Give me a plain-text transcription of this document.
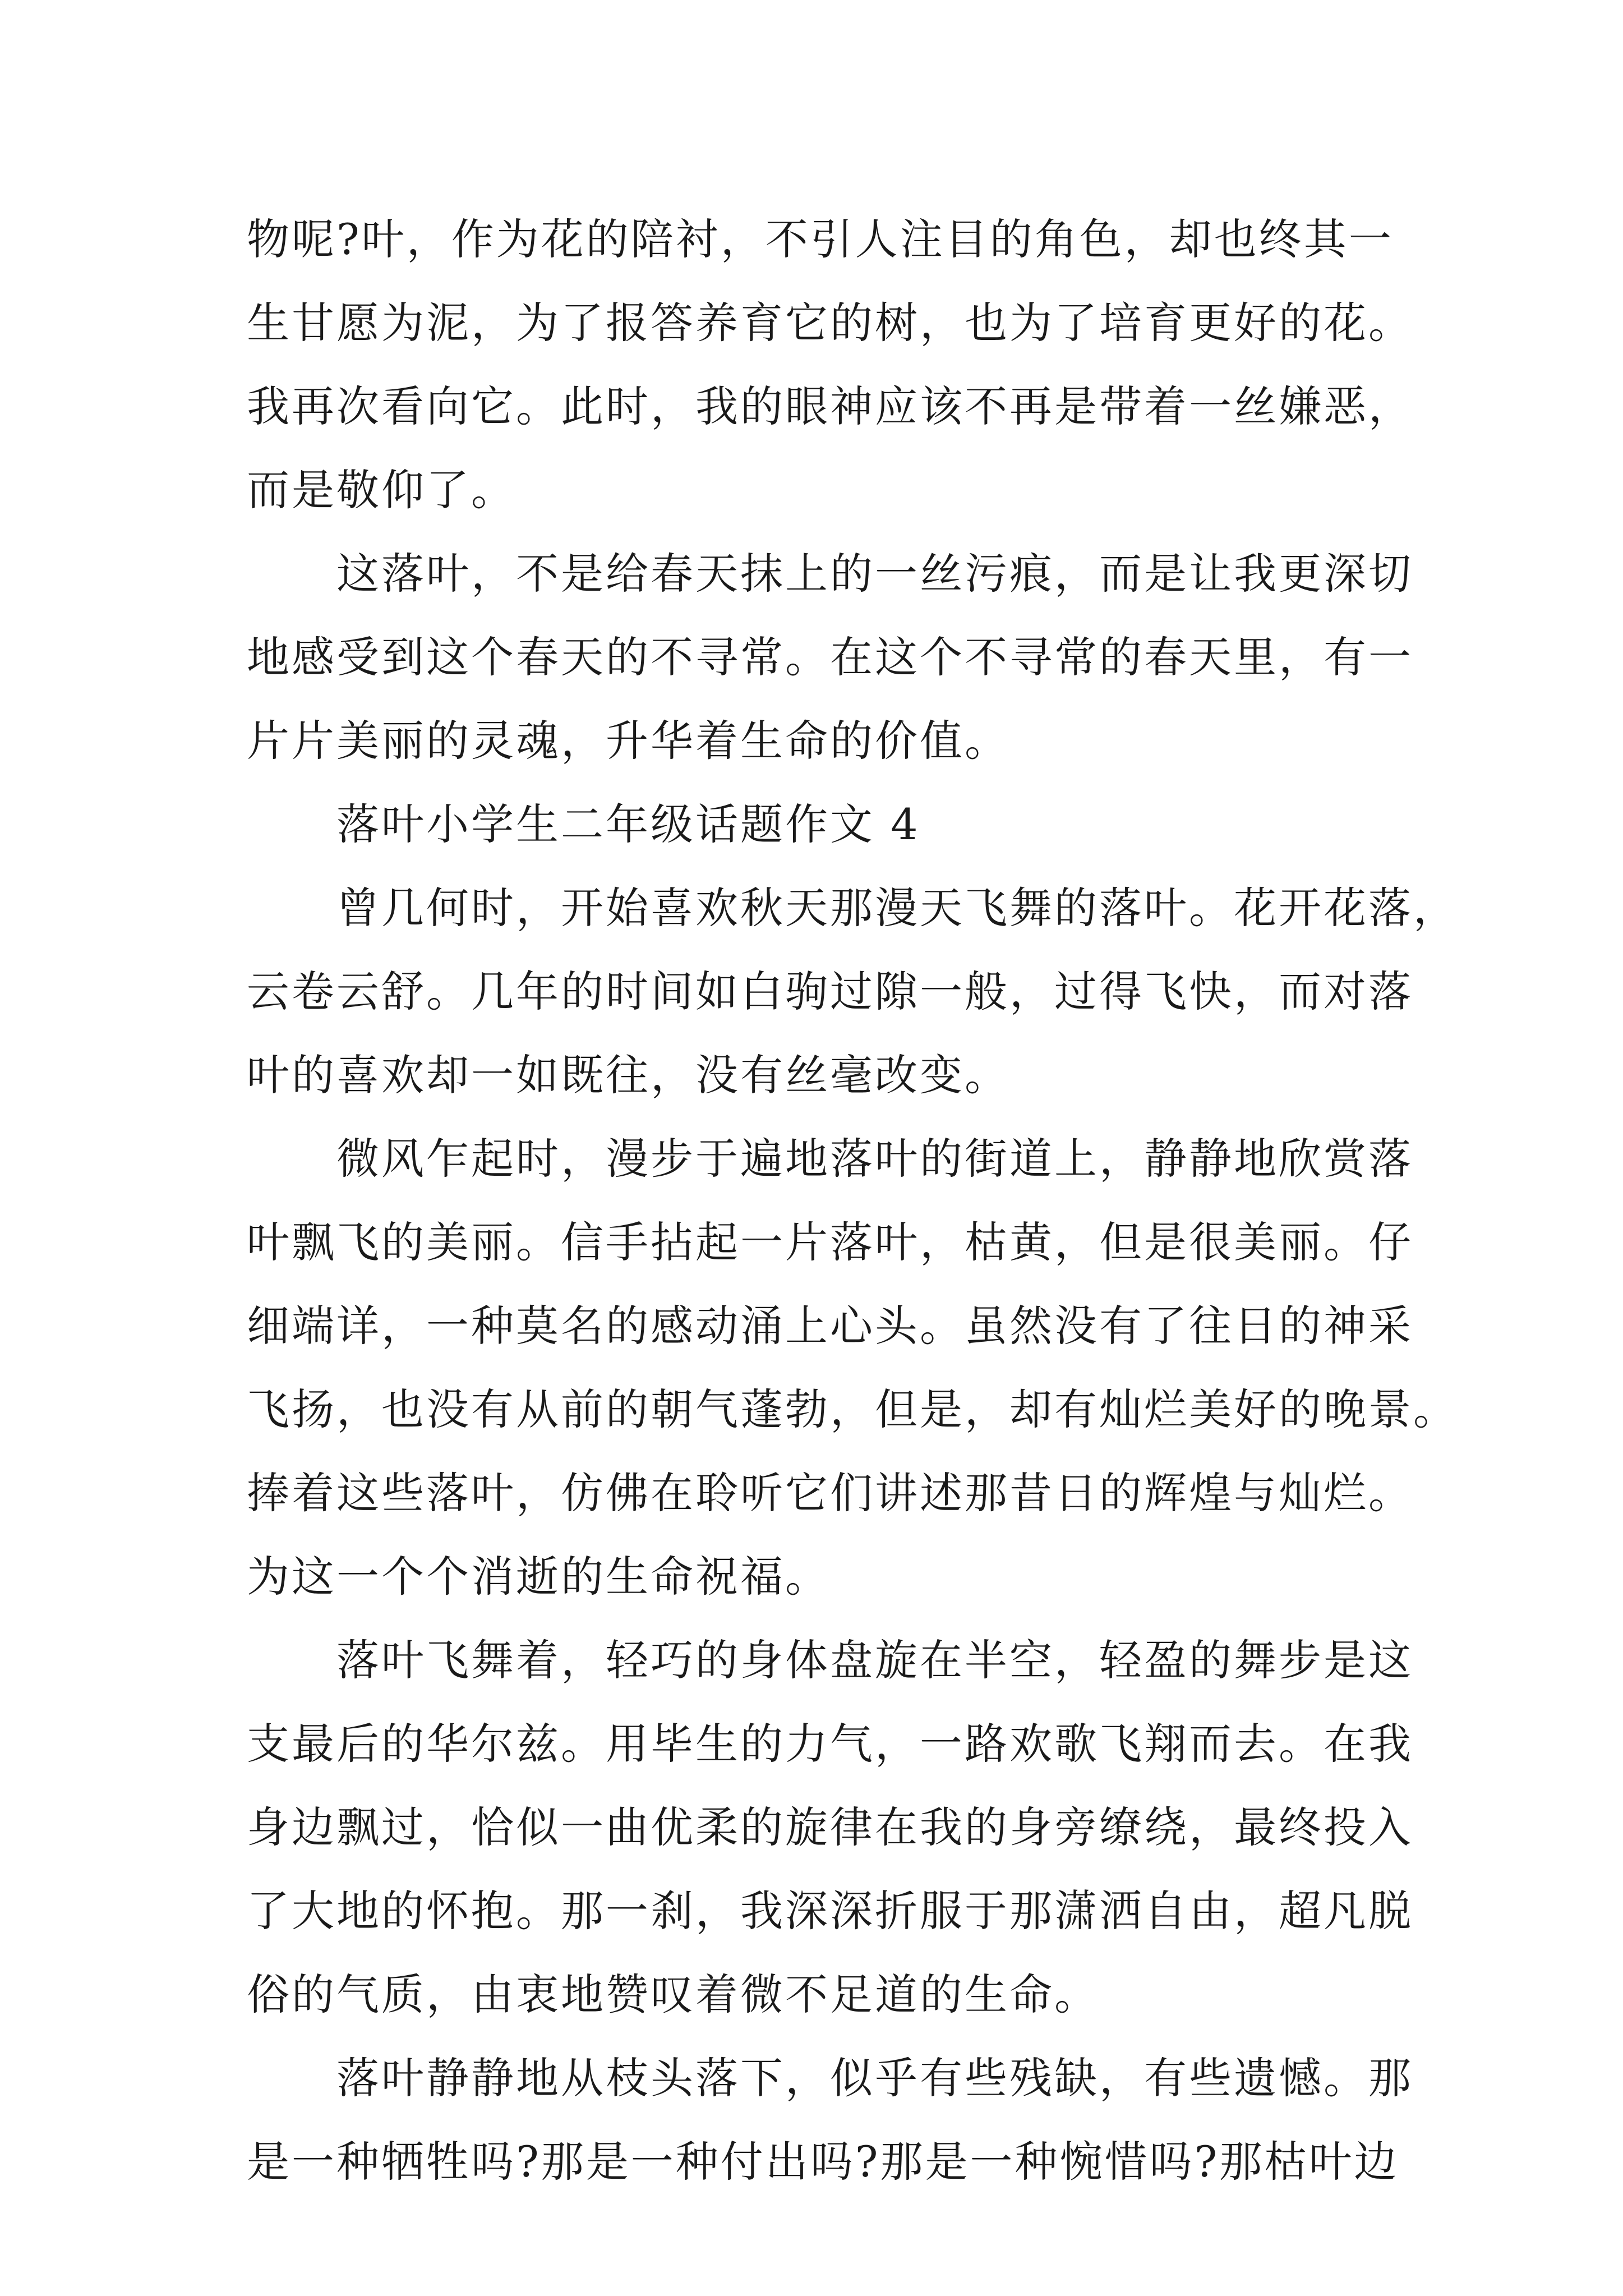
物呢?叶，作为花的陪衬，不引人注目的角色，却也终其一
生甘愿为泥，为了报答养育它的树，也为了培育更好的花。
我再次看向它。此时，我的眼神应该不再是带着一丝嫌恶，
而是敬仰了。
这落叶，不是给春天抹上的一丝污痕，而是让我更深切
地感受到这个春天的不寻常。在这个不寻常的春天里，有一
片片美丽的灵魂，升华着生命的价值。
落叶小学生二年级话题作文 4
曾几何时，开始喜欢秋天那漫天飞舞的落叶。花开花落，
云卷云舒。几年的时间如白驹过隙一般，过得飞快，而对落
叶的喜欢却一如既往，没有丝毫改变。
微风乍起时，漫步于遍地落叶的街道上，静静地欣赏落
叶飘飞的美丽。信手拈起一片落叶，枯黄，但是很美丽。仔
细端详，一种莫名的感动涌上心头。虽然没有了往日的神采
飞扬，也没有从前的朝气蓬勃，但是，却有灿烂美好的晚景。
捧着这些落叶，仿佛在聆听它们讲述那昔日的辉煌与灿烂。
为这一个个消逝的生命祝福。
落叶飞舞着，轻巧的身体盘旋在半空，轻盈的舞步是这
支最后的华尔兹。用毕生的力气，一路欢歌飞翔而去。在我
身边飘过，恰似一曲优柔的旋律在我的身旁缭绕，最终投入
了大地的怀抱。那一刹，我深深折服于那潇洒自由，超凡脱
俗的气质，由衷地赞叹着微不足道的生命。
落叶静静地从枝头落下，似乎有些残缺，有些遗憾。那
是一种牺牲吗?那是一种付出吗?那是一种惋惜吗?那枯叶边
